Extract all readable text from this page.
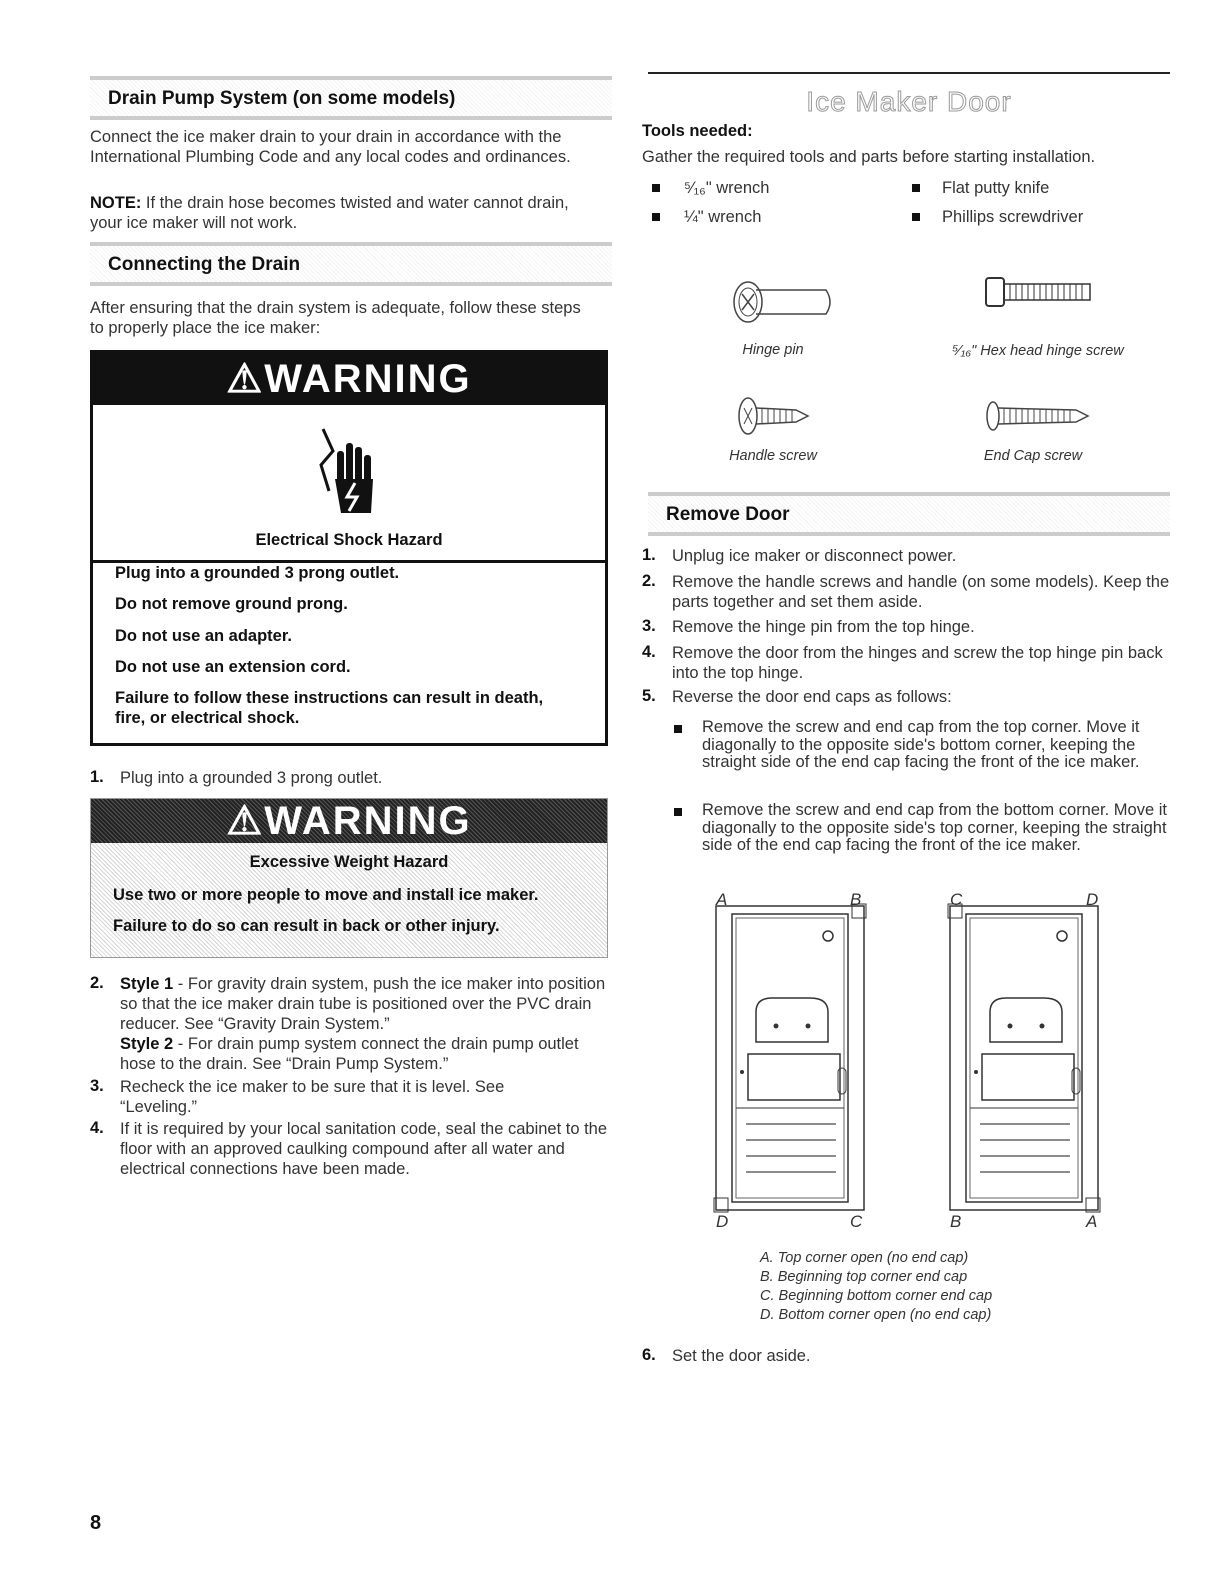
Drain Pump System (on some models)
Connect the ice maker drain to your drain in accordance with the International Plumbing Code and any local codes and ordinances.
NOTE: If the drain hose becomes twisted and water cannot drain, your ice maker will not work.
Connecting the Drain
After ensuring that the drain system is adequate, follow these steps to properly place the ice maker:
⚠WARNING
Electrical Shock Hazard
Plug into a grounded 3 prong outlet.
Do not remove ground prong.
Do not use an adapter.
Do not use an extension cord.
Failure to follow these instructions can result in death, fire, or electrical shock.
1. Plug into a grounded 3 prong outlet.
⚠WARNING
Excessive Weight Hazard
Use two or more people to move and install ice maker.
Failure to do so can result in back or other injury.
2. Style 1 - For gravity drain system, push the ice maker into position so that the ice maker drain tube is positioned over the PVC drain reducer. See “Gravity Drain System.”
Style 2 - For drain pump system connect the drain pump outlet hose to the drain. See “Drain Pump System.”
3. Recheck the ice maker to be sure that it is level. See “Leveling.”
4. If it is required by your local sanitation code, seal the cabinet to the floor with an approved caulking compound after all water and electrical connections have been made.
8
Ice Maker Door
Tools needed:
Gather the required tools and parts before starting installation.
⁵⁄₁₆" wrench	Flat putty knife
¼" wrench	Phillips screwdriver
Hinge pin	⁵⁄₁₆" Hex head hinge screw
Handle screw	End Cap screw
Remove Door
1. Unplug ice maker or disconnect power.
2. Remove the handle screws and handle (on some models). Keep the parts together and set them aside.
3. Remove the hinge pin from the top hinge.
4. Remove the door from the hinges and screw the top hinge pin back into the top hinge.
5. Reverse the door end caps as follows:
Remove the screw and end cap from the top corner. Move it diagonally to the opposite side's bottom corner, keeping the straight side of the end cap facing the front of the ice maker.
Remove the screw and end cap from the bottom corner. Move it diagonally to the opposite side's top corner, keeping the straight side of the end cap facing the front of the ice maker.
A	B	C	D
D	C	B	A
A. Top corner open (no end cap)
B. Beginning top corner end cap
C. Beginning bottom corner end cap
D. Bottom corner open (no end cap)
6. Set the door aside.
